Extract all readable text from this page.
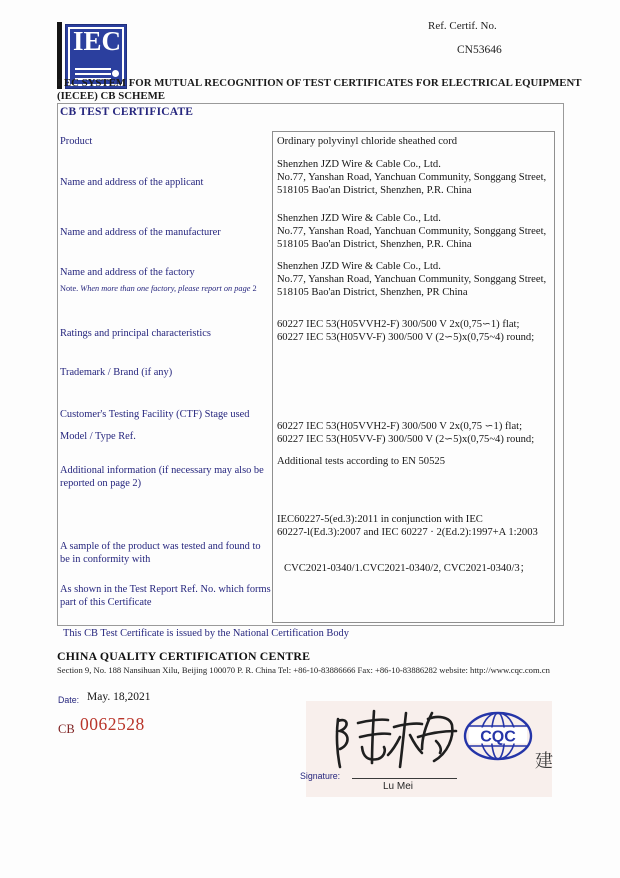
IEC	Ref. Certif. No.
CN53646
I EC SYSTEM FOR MUTUAL RECOGNITION OF TEST CERTIFICATES FOR ELECTRICAL EQUIPMENT
(IECEE) CB SCHEME
CB TEST CERTIFICATE
Product
Name and address of the applicant
Name and address of the manufacturer
Name and address of the factory
Note. When more than one factory, please report on page 2
Ratings and principal characteristics
Trademark / Brand (if any)
Customer's Testing Facility (CTF) Stage used
Model / Type Ref.
Additional information (if necessary may also be reported on page 2)
A sample of the product was tested and found to be in conformity with
As shown in the Test Report Ref. No. which forms part of this Certificate
Ordinary polyvinyl chloride sheathed cord
Shenzhen JZD Wire & Cable Co., Ltd.
No.77, Yanshan Road, Yanchuan Community, Songgang Street,
518105 Bao'an District, Shenzhen, P.R. China
Shenzhen JZD Wire & Cable Co., Ltd.
No.77, Yanshan Road, Yanchuan Community, Songgang Street,
518105 Bao'an District, Shenzhen, P.R. China
Shenzhen JZD Wire & Cable Co., Ltd.
No.77, Yanshan Road, Yanchuan Community, Songgang Street,
518105 Bao'an District, Shenzhen, PR China
60227 IEC 53(H05VVH2-F) 300/500 V 2x(0,75∽1) flat;
60227 IEC 53(H05VV-F) 300/500 V (2∽5)x(0,75~4) round;
60227 IEC 53(H05VVH2-F) 300/500 V 2x(0,75 ∽1) flat;
60227 IEC 53(H05VV-F) 300/500 V (2∽5)x(0,75~4) round;
Additional tests according to EN 50525
IEC60227-5(ed.3):2011 in conjunction with IEC
60227-l(Ed.3):2007 and IEC 60227 · 2(Ed.2):1997+A 1:2003
CVC2021-0340/1.CVC2021-0340/2, CVC2021-0340/3；
This CB Test Certificate is issued by the National Certification Body
CHINA QUALITY CERTIFICATION CENTRE
Section 9, No. 188 Nansihuan Xilu, Beijing 100070 P. R. China Tel: +86-10-83886666 Fax: +86-10-83886282 website: http://www.cqc.com.cn
Date: May. 18,2021
CB 0062528
Signature:
Lu Mei
CQC
建
